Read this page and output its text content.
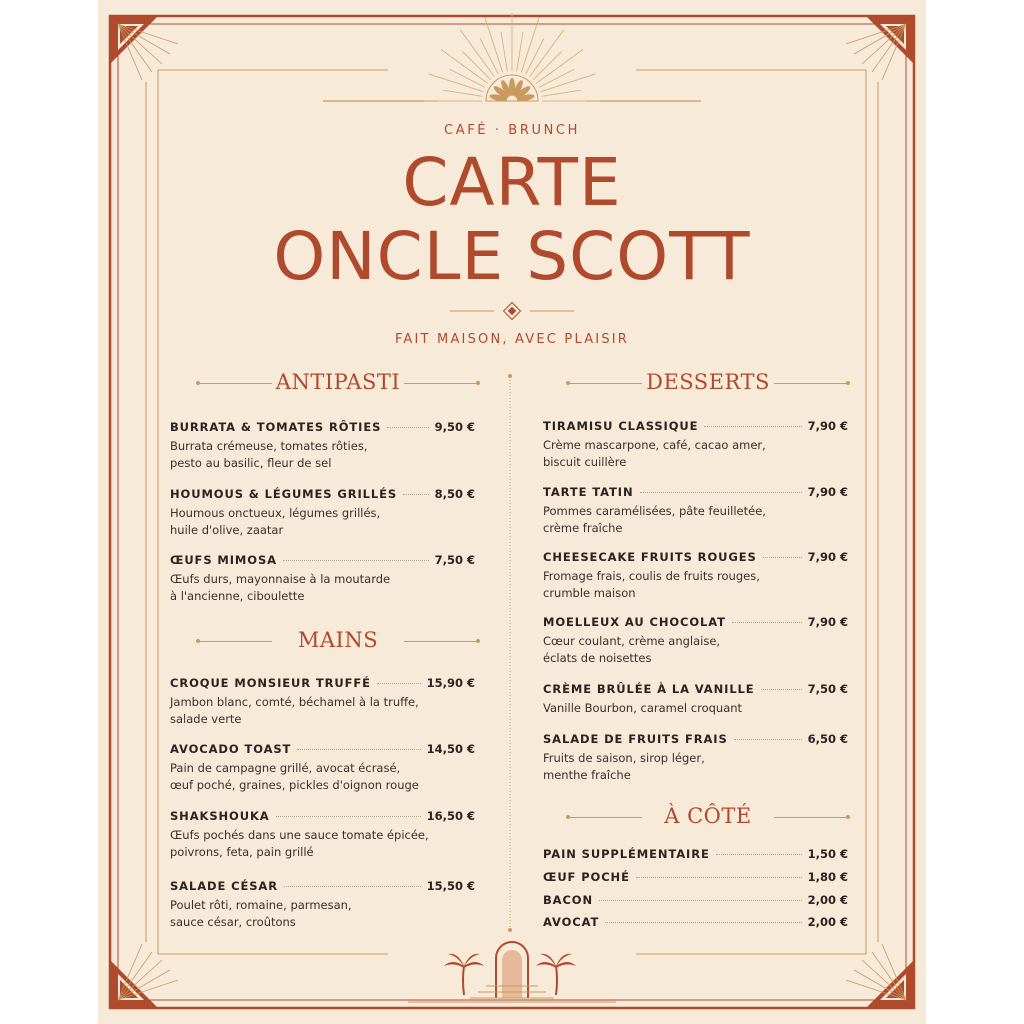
CAFÉ · BRUNCH
CARTE
ONCLE SCOTT
FAIT MAISON, AVEC PLAISIR
ANTIPASTI
MAINS
DESSERTS
À CÔTÉ
BURRATA & TOMATES RÔTIES	9,50 €
Burrata crémeuse, tomates rôties,
pesto au basilic, fleur de sel
HOUMOUS & LÉGUMES GRILLÉS	8,50 €
Houmous onctueux, légumes grillés,
huile d'olive, zaatar
ŒUFS MIMOSA	7,50 €
Œufs durs, mayonnaise à la moutarde
à l'ancienne, ciboulette
CROQUE MONSIEUR TRUFFÉ	15,90 €
Jambon blanc, comté, béchamel à la truffe,
salade verte
AVOCADO TOAST	14,50 €
Pain de campagne grillé, avocat écrasé,
œuf poché, graines, pickles d'oignon rouge
SHAKSHOUKA	16,50 €
Œufs pochés dans une sauce tomate épicée,
poivrons, feta, pain grillé
SALADE CÉSAR	15,50 €
Poulet rôti, romaine, parmesan,
sauce césar, croûtons
TIRAMISU CLASSIQUE	7,90 €
Crème mascarpone, café, cacao amer,
biscuit cuillère
TARTE TATIN	7,90 €
Pommes caramélisées, pâte feuilletée,
crème fraîche
CHEESECAKE FRUITS ROUGES	7,90 €
Fromage frais, coulis de fruits rouges,
crumble maison
MOELLEUX AU CHOCOLAT	7,90 €
Cœur coulant, crème anglaise,
éclats de noisettes
CRÈME BRÛLÉE À LA VANILLE	7,50 €
Vanille Bourbon, caramel croquant
SALADE DE FRUITS FRAIS	6,50 €
Fruits de saison, sirop léger,
menthe fraîche
PAIN SUPPLÉMENTAIRE	1,50 €
ŒUF POCHÉ	1,80 €
BACON	2,00 €
AVOCAT	2,00 €
